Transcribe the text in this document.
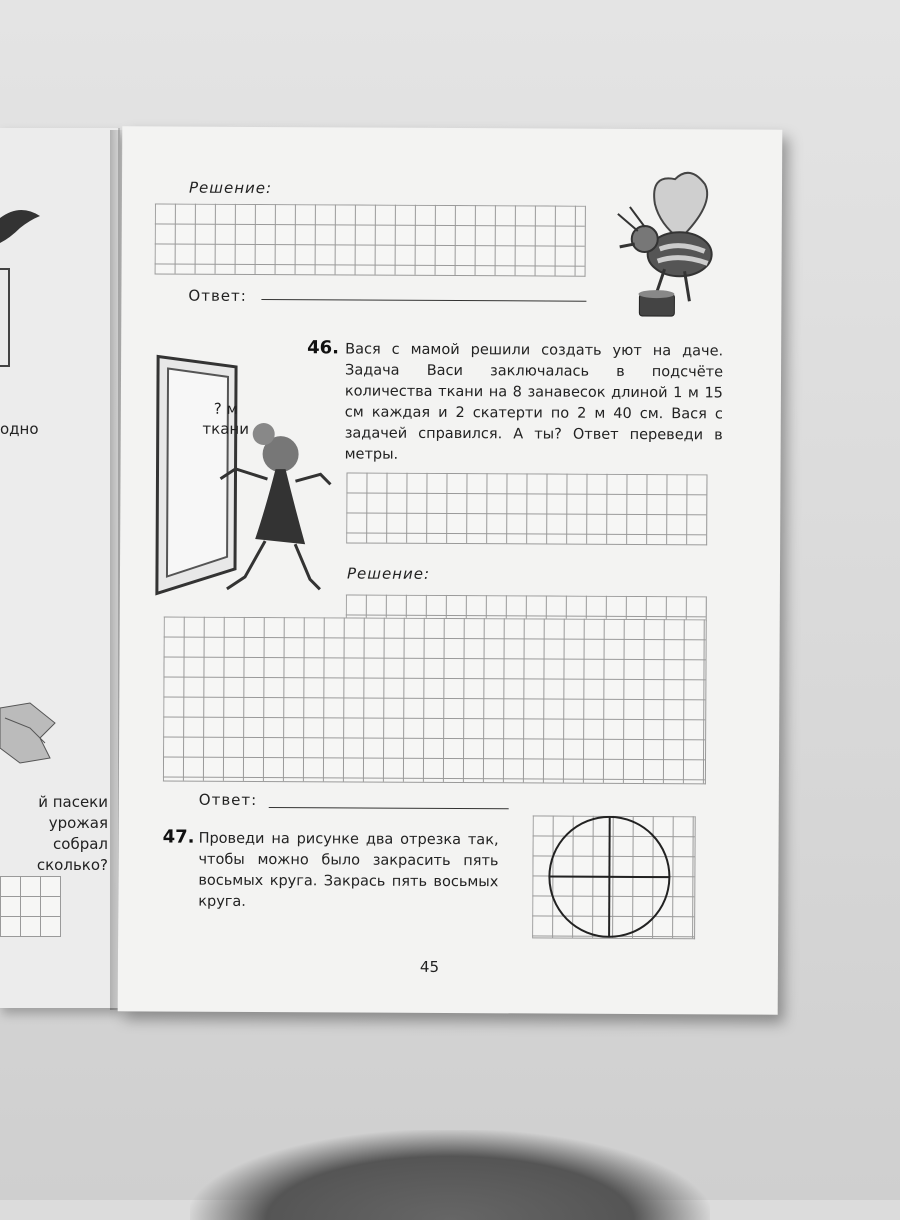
одно
й пасеки
урожая
собрал
сколько?
Решение:
Ответ:
46. Вася с мамой решили создать уют на даче. Задача Васи заключалась в подсчёте количества ткани на 8 занавесок длиной 1 м 15 см каждая и 2 скатерти по 2 м 40 см. Вася с задачей справился. А ты? Ответ переведи в метры.
? м
ткани
Решение:
Ответ:
47. Проведи на рисунке два отрезка так, чтобы можно было закрасить пять восьмых круга. Закрась пять восьмых круга.
45
